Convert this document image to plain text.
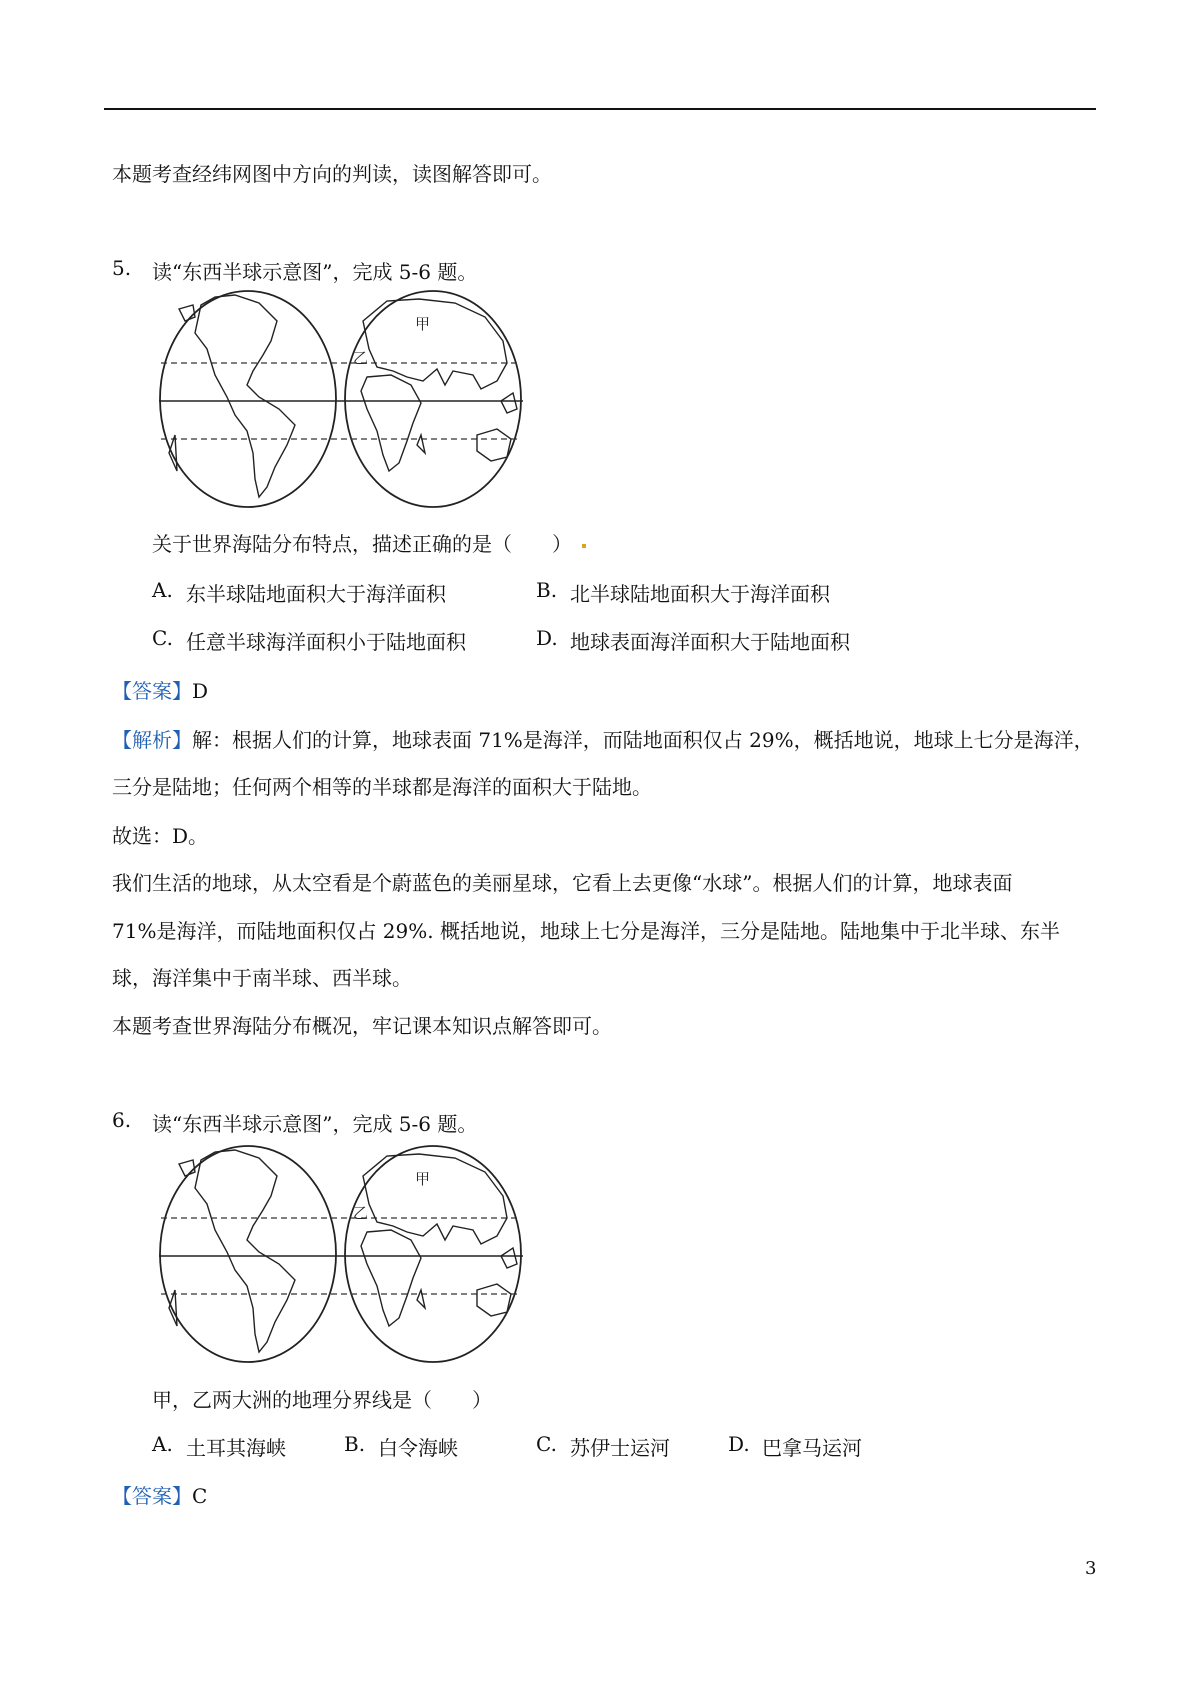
本题考查经纬网图中方向的判读，读图解答即可。
5. 读“东西半球示意图”，完成 5-6 题。
甲
乙
关于世界海陆分布特点，描述正确的是（　　）
A. 东半球陆地面积大于海洋面积	B. 北半球陆地面积大于海洋面积
C. 任意半球海洋面积小于陆地面积	D. 地球表面海洋面积大于陆地面积
【答案】D
【解析】解：根据人们的计算，地球表面 71%是海洋，而陆地面积仅占 29%，概括地说，地球上七分是海洋，
三分是陆地；任何两个相等的半球都是海洋的面积大于陆地。
故选：D。
我们生活的地球，从太空看是个蔚蓝色的美丽星球，它看上去更像“水球”。根据人们的计算，地球表面
71%是海洋，而陆地面积仅占 29%. 概括地说，地球上七分是海洋，三分是陆地。陆地集中于北半球、东半
球，海洋集中于南半球、西半球。
本题考查世界海陆分布概况，牢记课本知识点解答即可。
6. 读“东西半球示意图”，完成 5-6 题。
甲
乙
甲，乙两大洲的地理分界线是（　　）
A. 土耳其海峡	B. 白令海峡	C. 苏伊士运河	D. 巴拿马运河
【答案】C
3
